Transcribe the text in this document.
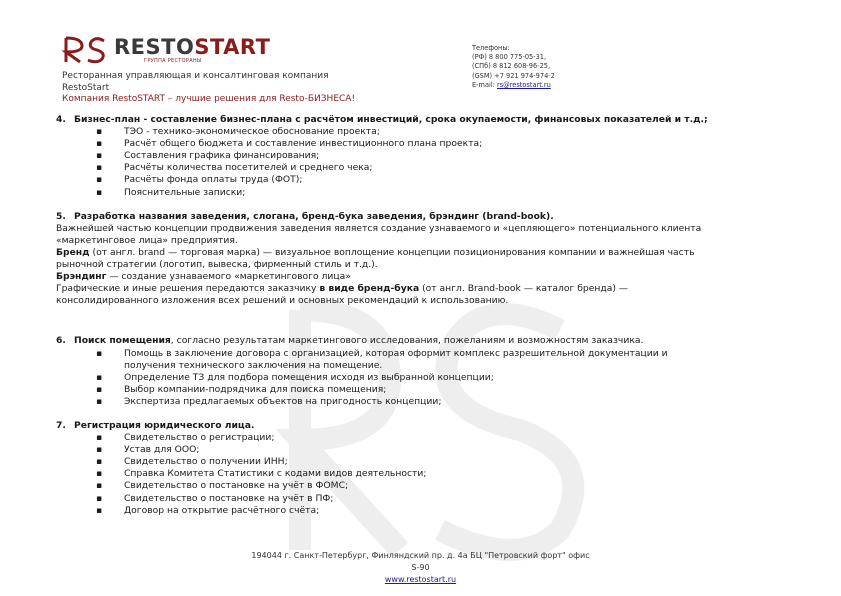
RESTOSTART
ГРУППА РЕСТОРАНЫ
Ресторанная управляющая и консалтинговая компания
RestoStart
Компания RestoSTART – лучшие решения для Resto-БИЗНЕСА!
Телефоны:
(РФ) 8 800 775-05-31,
(СПб) 8 812 608-96-25,
(GSM) +7 921 974-974-2
E-mail: rs@restostart.ru

4. Бизнес-план - составление бизнес-плана с расчётом инвестиций, срока окупаемости, финансовых показателей и т.д.;

▪ ТЭО - технико-экономическое обоснование проекта;
▪ Расчёт общего бюджета и составление инвестиционного плана проекта;
▪ Составления графика финансирования;
▪ Расчёты количества посетителей и среднего чека;
▪ Расчёты фонда оплаты труда (ФОТ);
▪ Пояснительные записки;

5. Разработка названия заведения, слогана, бренд-бука заведения, брэндинг (brand-book).

Важнейшей частью концепции продвижения заведения является создание узнаваемого и «цепляющего» потенциального клиента

«маркетинговое лица» предприятия.

Бренд (от англ. brand — торговая марка) — визуальное воплощение концепции позиционирования компании и важнейшая часть

рыночной стратегии (логотип, вывеска, фирменный стиль и т.д.).

Брэндинг — создание узнаваемого «маркетингового лица»

Графические и иные решения передаются заказчику в виде бренд-бука (от англ. Brand-book — каталог бренда) —

консолидированного изложения всех решений и основных рекомендаций к использованию.

6. Поиск помещения, согласно результатам маркетингового исследования, пожеланиям и возможностям заказчика.

▪ Помощь в заключение договора с организацией, которая оформит комплекс разрешительной документации и
получения технического заключения на помещение.
▪ Определение ТЗ для подбора помещения исходя из выбранной концепции;
▪ Выбор компании-подрядчика для поиска помещения;
▪ Экспертиза предлагаемых объектов на пригодность концепции;

7. Регистрация юридического лица.

▪ Свидетельство о регистрации;
▪ Устав для ООО;
▪ Свидетельство о получении ИНН;
▪ Справка Комитета Статистики с кодами видов деятельности;
▪ Свидетельство о постановке на учёт в ФОМС;
▪ Свидетельство о постановке на учёт в ПФ;
▪ Договор на открытие расчётного счёта;
194044 г. Санкт-Петербург, Финляндский пр. д. 4а БЦ "Петровский форт" офис
S-90
www.restostart.ru
